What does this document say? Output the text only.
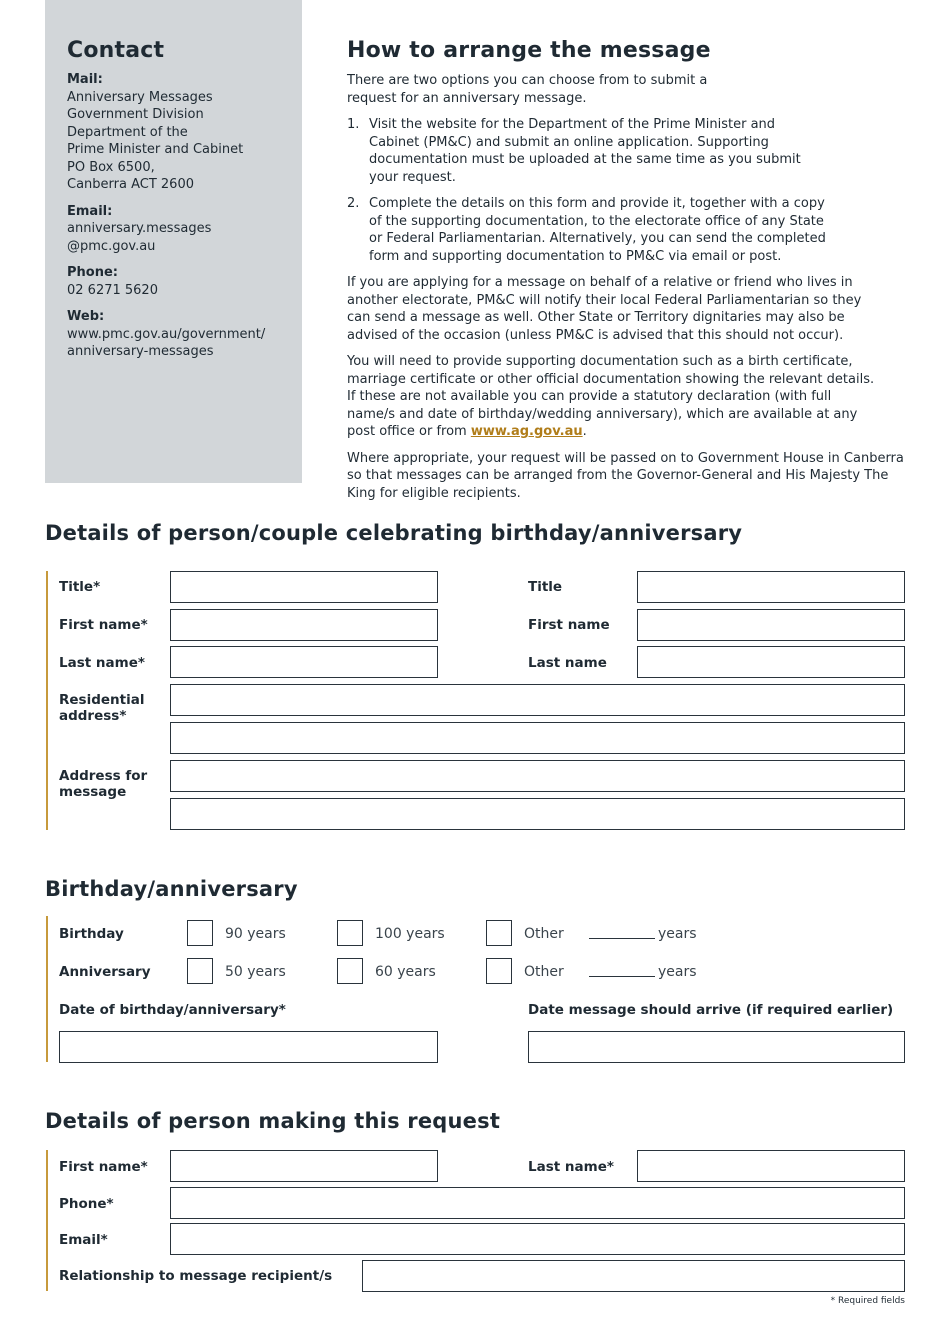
Contact
Mail:
Anniversary Messages
Government Division
Department of the
Prime Minister and Cabinet
PO Box 6500,
Canberra ACT 2600
Email:
anniversary.messages
@pmc.gov.au
Phone:
02 6271 5620
Web:
www.pmc.gov.au/government/
anniversary-messages
How to arrange the message
There are two options you can choose from to submit a request for an anniversary message.
1. Visit the website for the Department of the Prime Minister and Cabinet (PM&C) and submit an online application. Supporting documentation must be uploaded at the same time as you submit your request.
2. Complete the details on this form and provide it, together with a copy of the supporting documentation, to the electorate office of any State or Federal Parliamentarian. Alternatively, you can send the completed form and supporting documentation to PM&C via email or post.
If you are applying for a message on behalf of a relative or friend who lives in another electorate, PM&C will notify their local Federal Parliamentarian so they can send a message as well. Other State or Territory dignitaries may also be advised of the occasion (unless PM&C is advised that this should not occur).
You will need to provide supporting documentation such as a birth certificate, marriage certificate or other official documentation showing the relevant details. If these are not available you can provide a statutory declaration (with full name/s and date of birthday/wedding anniversary), which are available at any post office or from www.ag.gov.au.
Where appropriate, your request will be passed on to Government House in Canberra so that messages can be arranged from the Governor-General and His Majesty The King for eligible recipients.
Details of person/couple celebrating birthday/anniversary
Title*	Title
First name*	First name
Last name*	Last name
Residential address*
Address for message
Birthday/anniversary
Birthday	90 years	100 years	Other	years
Anniversary	50 years	60 years	Other	years
Date of birthday/anniversary*	Date message should arrive (if required earlier)
Details of person making this request
First name*	Last name*
Phone*
Email*
Relationship to message recipient/s
* Required fields
